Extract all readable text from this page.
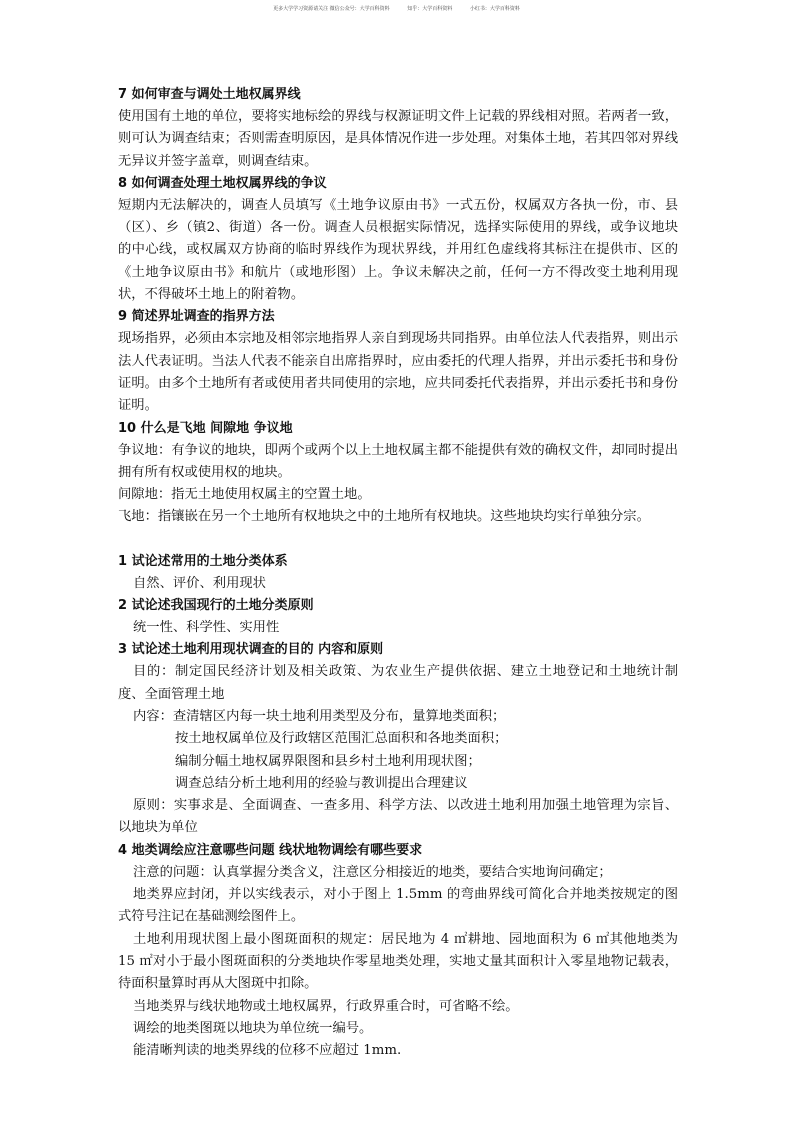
更多大学学习资源请关注 微信公众号：大学百科资料	知乎：大学百科资料	小红书：大学百科资料
7 如何审查与调处土地权属界线
使用国有土地的单位，要将实地标绘的界线与权源证明文件上记载的界线相对照。若两者一致，则可认为调查结束；否则需查明原因，是具体情况作进一步处理。对集体土地，若其四邻对界线无异议并签字盖章，则调查结束。
8 如何调查处理土地权属界线的争议
短期内无法解决的，调查人员填写《土地争议原由书》一式五份，权属双方各执一份，市、县（区）、乡（镇2、街道）各一份。调查人员根据实际情况，选择实际使用的界线，或争议地块的中心线，或权属双方协商的临时界线作为现状界线，并用红色虚线将其标注在提供市、区的《土地争议原由书》和航片（或地形图）上。争议未解决之前，任何一方不得改变土地利用现状，不得破坏土地上的附着物。
9 简述界址调查的指界方法
现场指界，必须由本宗地及相邻宗地指界人亲自到现场共同指界。由单位法人代表指界，则出示法人代表证明。当法人代表不能亲自出席指界时，应由委托的代理人指界，并出示委托书和身份证明。由多个土地所有者或使用者共同使用的宗地，应共同委托代表指界，并出示委托书和身份证明。
10 什么是飞地 间隙地 争议地
争议地：有争议的地块，即两个或两个以上土地权属主都不能提供有效的确权文件，却同时提出拥有所有权或使用权的地块。
间隙地：指无土地使用权属主的空置土地。
飞地：指镶嵌在另一个土地所有权地块之中的土地所有权地块。这些地块均实行单独分宗。
1 试论述常用的土地分类体系
自然、评价、利用现状
2 试论述我国现行的土地分类原则
统一性、科学性、实用性
3 试论述土地利用现状调查的目的 内容和原则
目的：制定国民经济计划及相关政策、为农业生产提供依据、建立土地登记和土地统计制度、全面管理土地
内容：查清辖区内每一块土地利用类型及分布，量算地类面积；
按土地权属单位及行政辖区范围汇总面积和各地类面积；
编制分幅土地权属界限图和县乡村土地利用现状图；
调查总结分析土地利用的经验与教训提出合理建议
原则：实事求是、全面调查、一查多用、科学方法、以改进土地利用加强土地管理为宗旨、以地块为单位
4 地类调绘应注意哪些问题 线状地物调绘有哪些要求
注意的问题：认真掌握分类含义，注意区分相接近的地类，要结合实地询问确定；
地类界应封闭，并以实线表示，对小于图上 1.5mm 的弯曲界线可简化合并地类按规定的图式符号注记在基础测绘图件上。
土地利用现状图上最小图斑面积的规定：居民地为 4 ㎡耕地、园地面积为 6 ㎡其他地类为 15 ㎡对小于最小图斑面积的分类地块作零星地类处理，实地丈量其面积计入零星地物记载表，待面积量算时再从大图斑中扣除。
当地类界与线状地物或土地权属界，行政界重合时，可省略不绘。
调绘的地类图斑以地块为单位统一编号。
能清晰判读的地类界线的位移不应超过 1mm.
